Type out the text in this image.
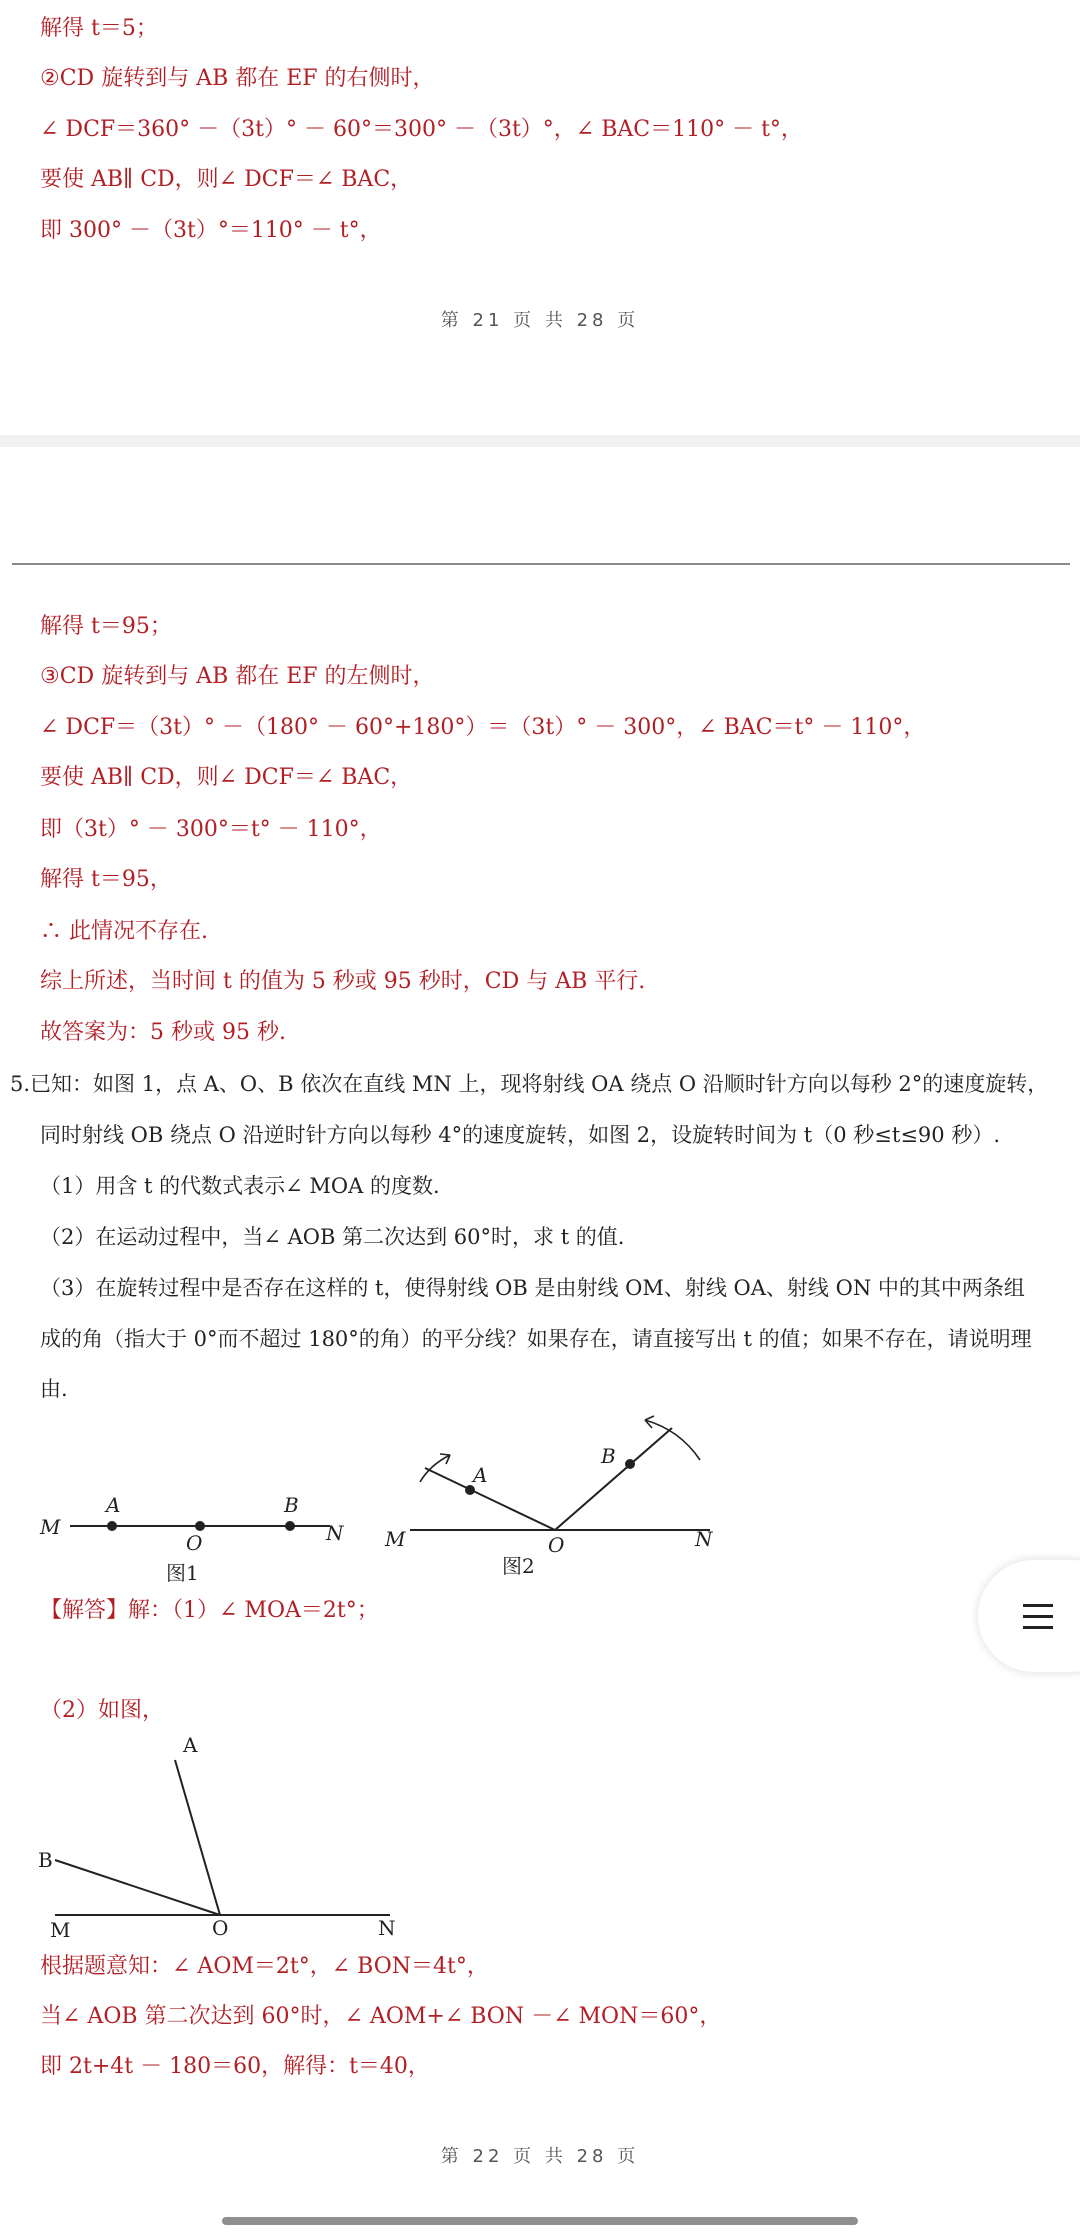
解得 t＝5；
②CD 旋转到与 AB 都在 EF 的右侧时，
∠ DCF＝360° －（3t）° － 60°＝300° －（3t）°，∠ BAC＝110° － t°，
要使 AB∥ CD，则∠ DCF＝∠ BAC，
即 300° －（3t）°＝110° － t°，
第 21 页 共 28 页
解得 t＝95；
③CD 旋转到与 AB 都在 EF 的左侧时，
∠ DCF＝（3t）° －（180° － 60°+180°）＝（3t）° － 300°，∠ BAC＝t° － 110°，
要使 AB∥ CD，则∠ DCF＝∠ BAC，
即（3t）° － 300°＝t° － 110°，
解得 t＝95，
∴ 此情况不存在.
综上所述，当时间 t 的值为 5 秒或 95 秒时，CD 与 AB 平行.
故答案为：5 秒或 95 秒.
5.已知：如图 1，点 A、O、B 依次在直线 MN 上，现将射线 OA 绕点 O 沿顺时针方向以每秒 2°的速度旋转，
同时射线 OB 绕点 O 沿逆时针方向以每秒 4°的速度旋转，如图 2，设旋转时间为 t（0 秒≤t≤90 秒）.
（1）用含 t 的代数式表示∠ MOA 的度数.
（2）在运动过程中，当∠ AOB 第二次达到 60°时，求 t 的值.
（3）在旋转过程中是否存在这样的 t，使得射线 OB 是由射线 OM、射线 OA、射线 ON 中的其中两条组
成的角（指大于 0°而不超过 180°的角）的平分线？如果存在，请直接写出 t 的值；如果不存在，请说明理
由.
M
A
O
B
N
图1
M
A
O
B
N
图2
【解答】解：（1）∠ MOA＝2t°；
（2）如图，
A
B
M	O	N
根据题意知：∠ AOM＝2t°，∠ BON＝4t°，
当∠ AOB 第二次达到 60°时，∠ AOM+∠ BON －∠ MON＝60°，
即 2t+4t － 180＝60，解得：t＝40，
第 22 页 共 28 页
